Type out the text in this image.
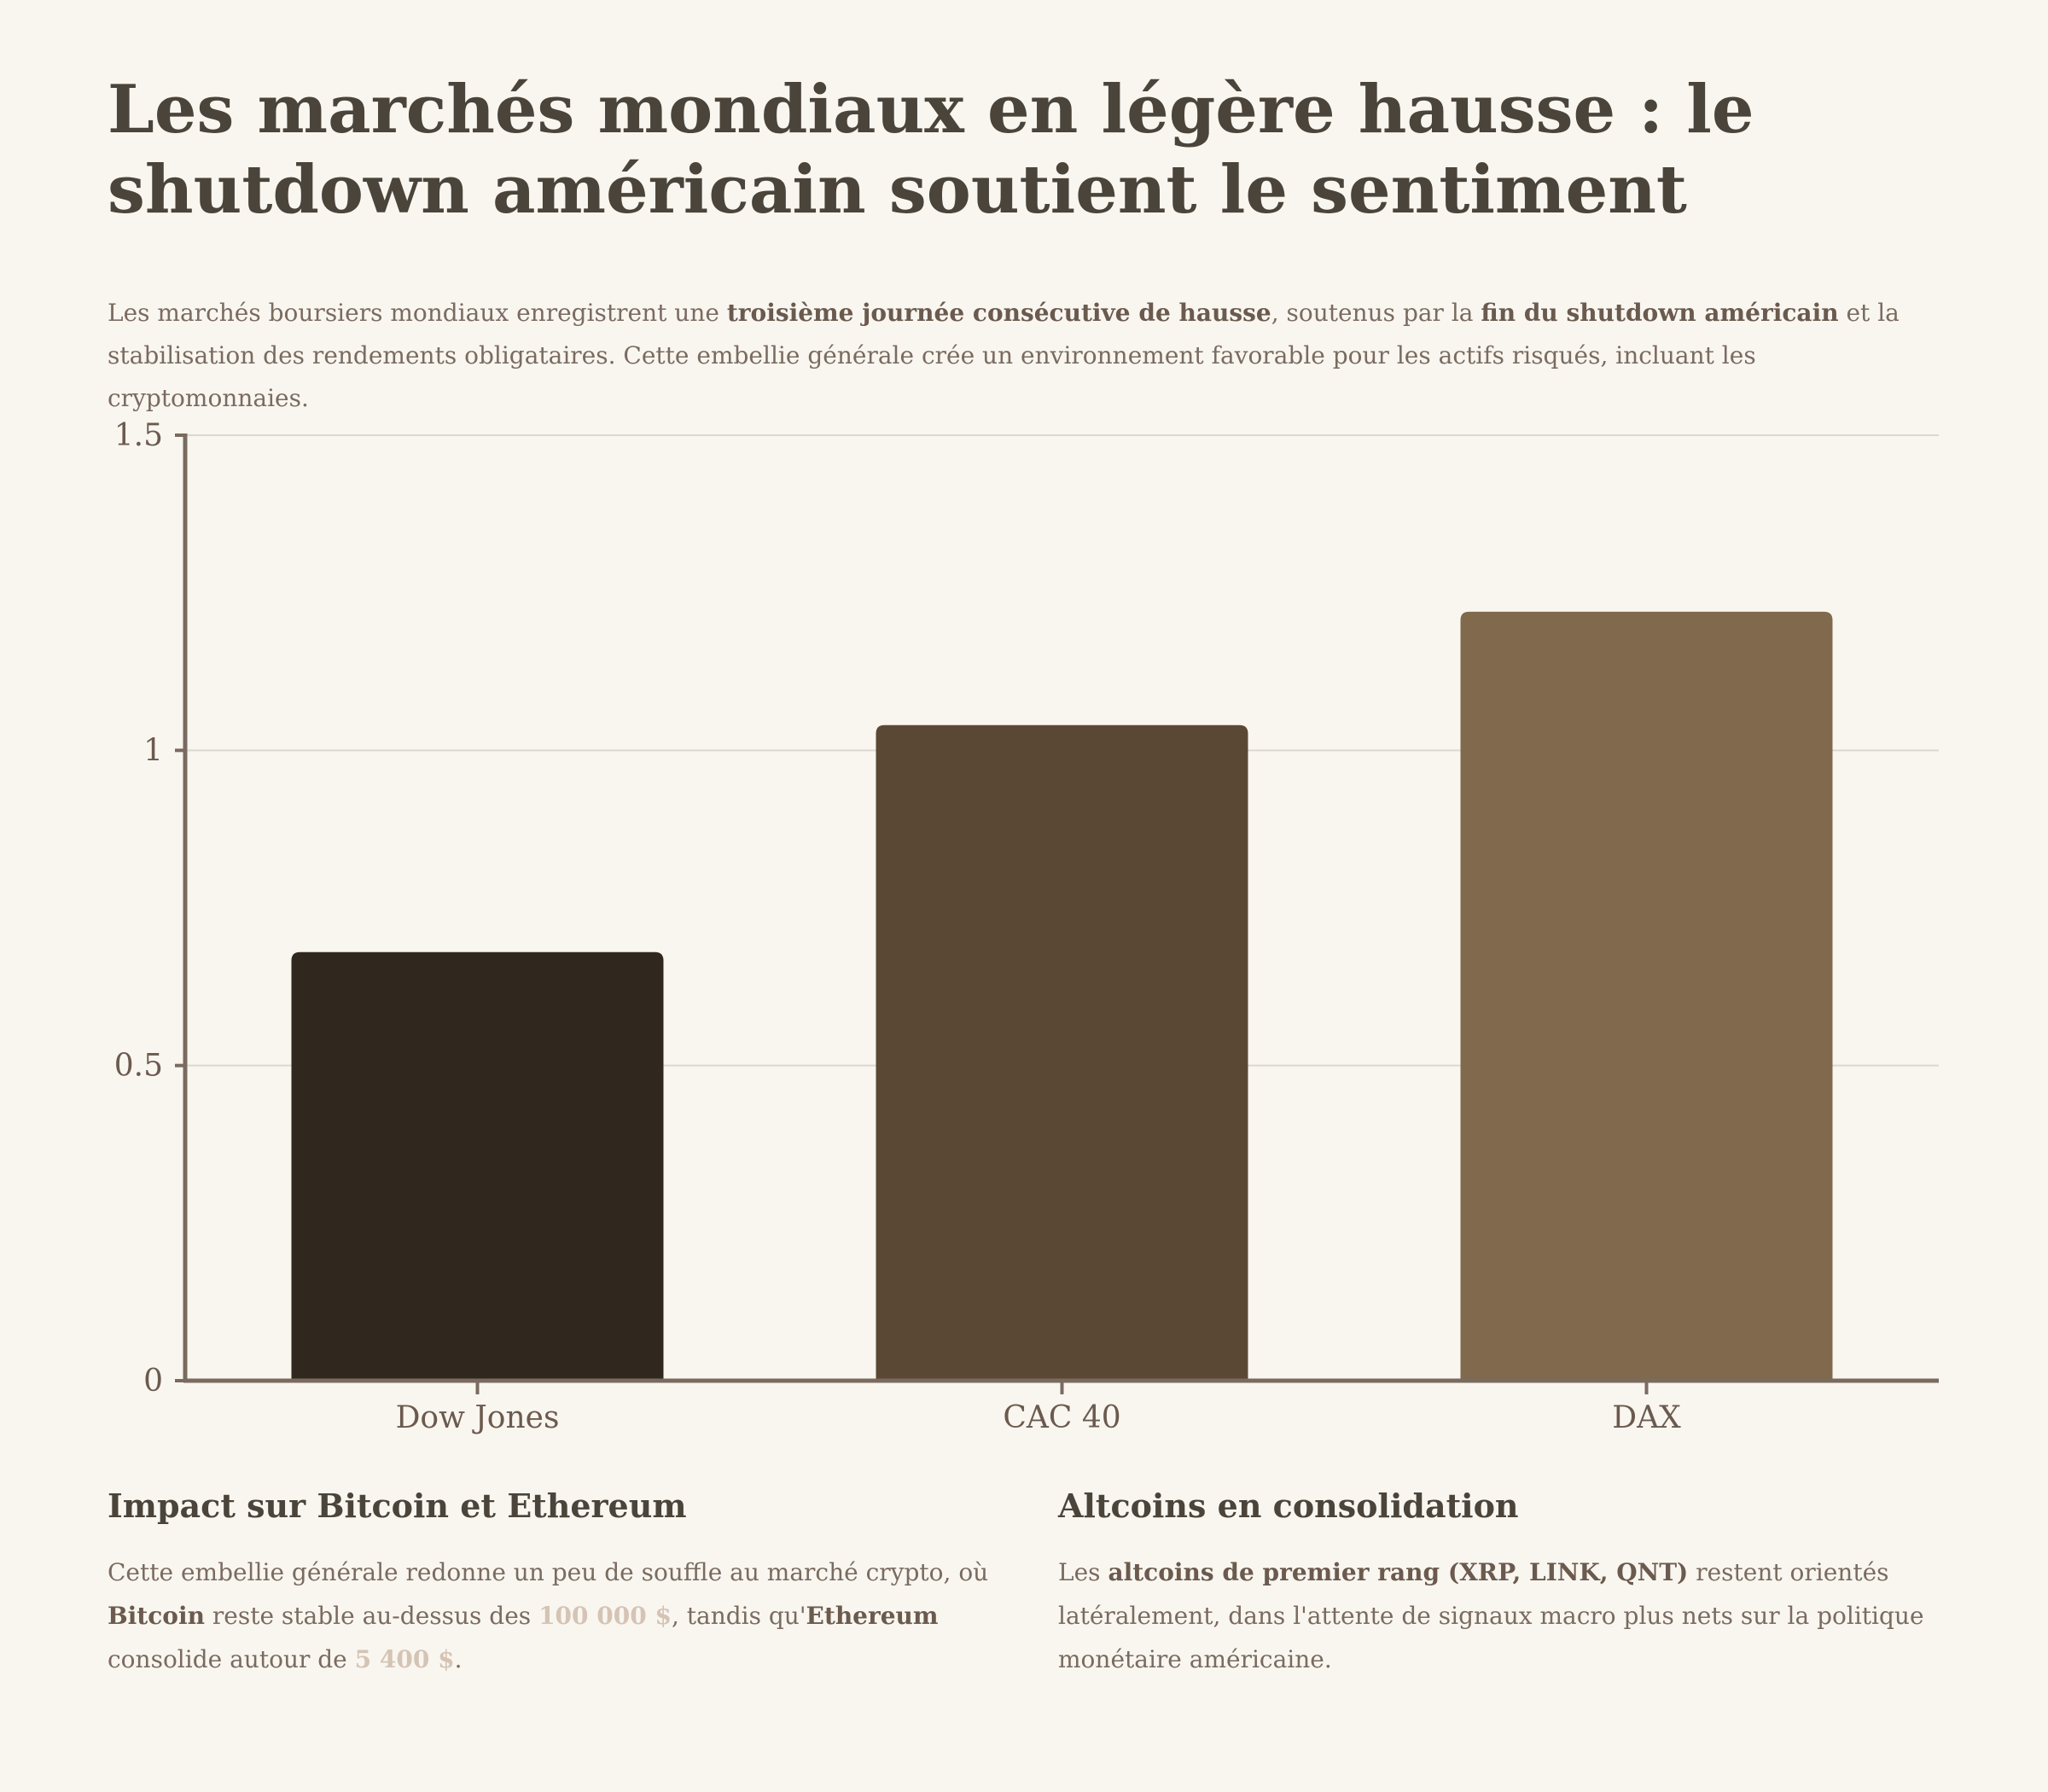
Les marchés mondiaux en légère hausse : le shutdown américain soutient le sentiment

Les marchés boursiers mondiaux enregistrent une troisième journée consécutive de hausse, soutenus par la fin du shutdown américain et la stabilisation des rendements obligataires. Cette embellie générale crée un environnement favorable pour les actifs risqués, incluant les cryptomonnaies.

0
0.5
1
1.5
Dow Jones	CAC 40	DAX
Impact sur Bitcoin et Ethereum

Cette embellie générale redonne un peu de souffle au marché crypto, où Bitcoin reste stable au-dessus des 100 000 $, tandis qu'Ethereum consolide autour de 5 400 $.

Altcoins en consolidation

Les altcoins de premier rang (XRP, LINK, QNT) restent orientés latéralement, dans l'attente de signaux macro plus nets sur la politique monétaire américaine.
